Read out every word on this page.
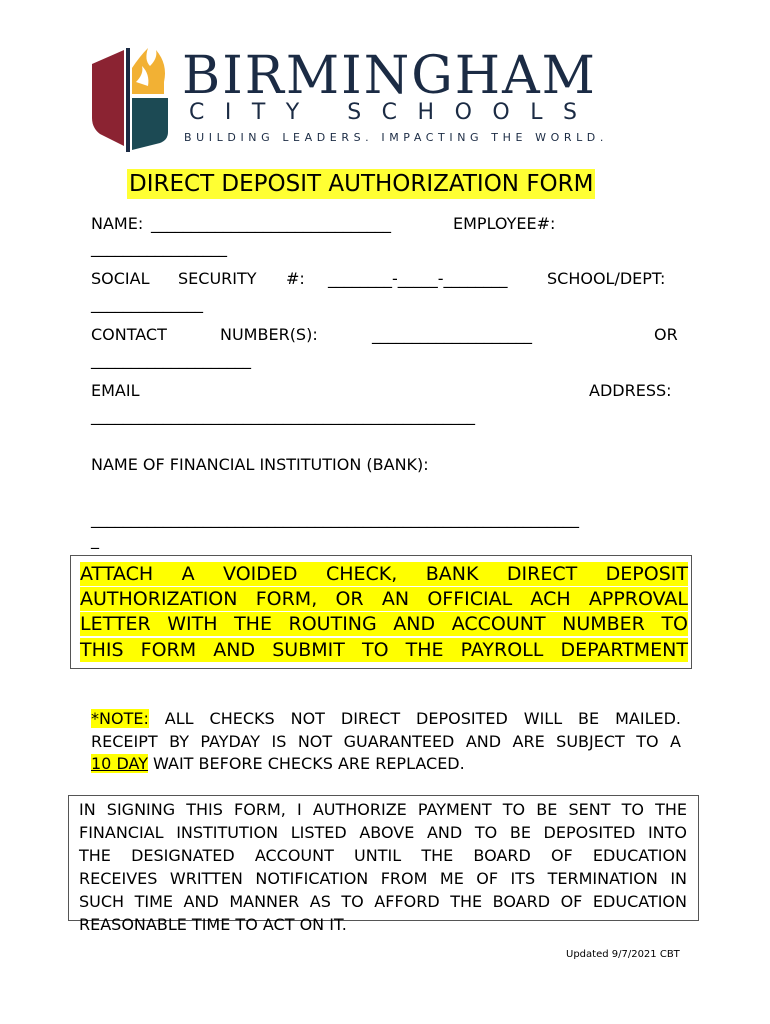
BIRMINGHAM
CITY SCHOOLS
BUILDING LEADERS. IMPACTING THE WORLD.
DIRECT DEPOSIT AUTHORIZATION FORM
NAME: ______________________________	EMPLOYEE#:
_________________
SOCIAL SECURITY #: ________-_____-________ SCHOOL/DEPT:
______________
CONTACT	NUMBER(S):	____________________	OR
____________________
EMAIL	ADDRESS:
________________________________________________
NAME OF FINANCIAL INSTITUTION (BANK):
_____________________________________________________________
_
ATTACH A VOIDED CHECK, BANK DIRECT DEPOSIT
AUTHORIZATION FORM, OR AN OFFICIAL ACH APPROVAL
LETTER WITH THE ROUTING AND ACCOUNT NUMBER TO
THIS FORM AND SUBMIT TO THE PAYROLL DEPARTMENT
*NOTE: ALL CHECKS NOT DIRECT DEPOSITED WILL BE MAILED.
RECEIPT BY PAYDAY IS NOT GUARANTEED AND ARE SUBJECT TO A
10 DAY WAIT BEFORE CHECKS ARE REPLACED.
IN SIGNING THIS FORM, I AUTHORIZE PAYMENT TO BE SENT TO THE
FINANCIAL INSTITUTION LISTED ABOVE AND TO BE DEPOSITED INTO
THE DESIGNATED ACCOUNT UNTIL THE BOARD OF EDUCATION
RECEIVES WRITTEN NOTIFICATION FROM ME OF ITS TERMINATION IN
SUCH TIME AND MANNER AS TO AFFORD THE BOARD OF EDUCATION
REASONABLE TIME TO ACT ON IT.
Updated 9/7/2021 CBT
